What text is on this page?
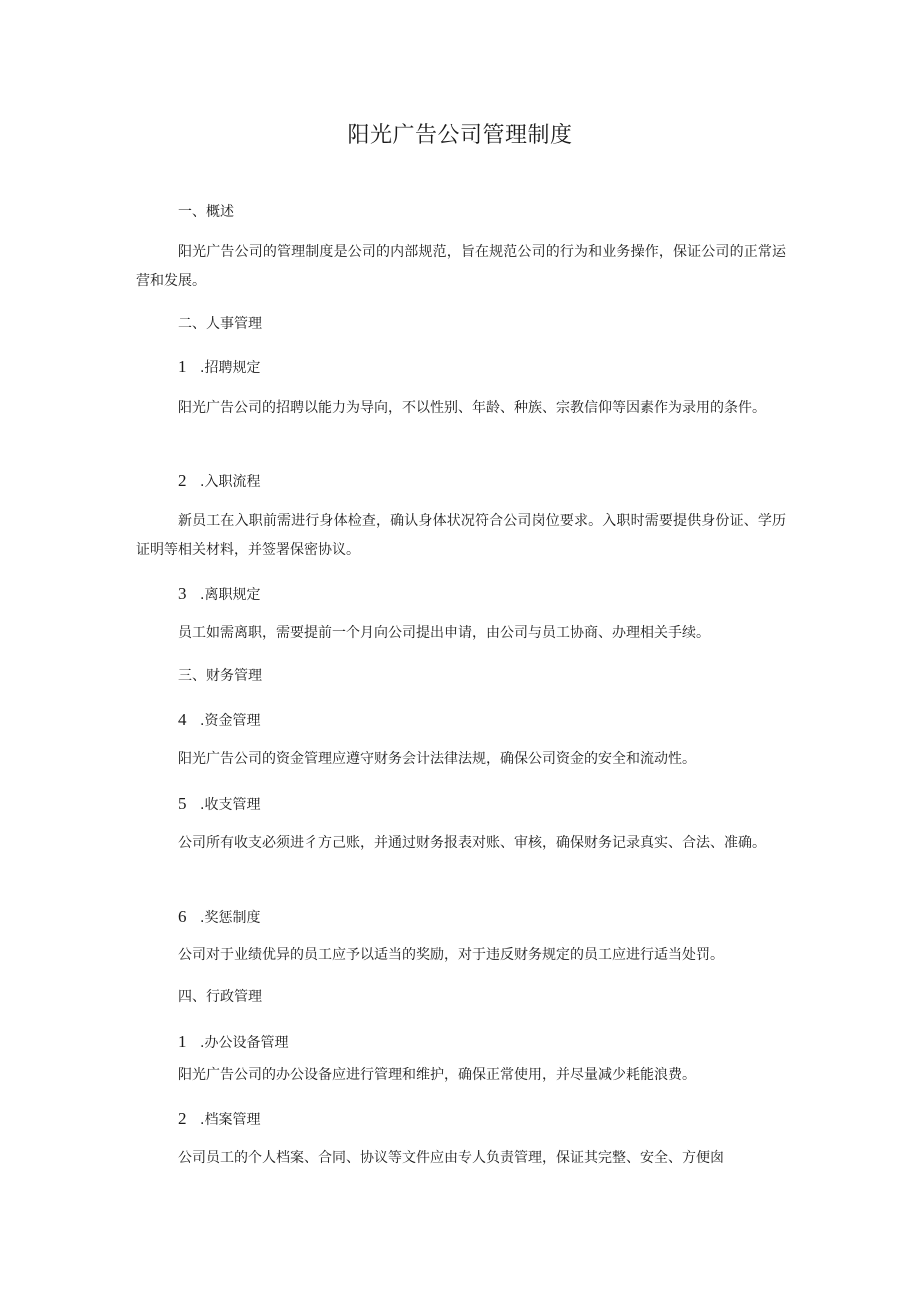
阳光广告公司管理制度

一、概述

阳光广告公司的管理制度是公司的内部规范，旨在规范公司的行为和业务操作，保证公司的正常运营和发展。

二、人事管理

1 .招聘规定

阳光广告公司的招聘以能力为导向，不以性别、年龄、种族、宗教信仰等因素作为录用的条件。

2 .入职流程

新员工在入职前需进行身体检查，确认身体状况符合公司岗位要求。入职时需要提供身份证、学历证明等相关材料，并签署保密协议。

3 .离职规定

员工如需离职，需要提前一个月向公司提出申请，由公司与员工协商、办理相关手续。

三、财务管理

4 .资金管理

阳光广告公司的资金管理应遵守财务会计法律法规，确保公司资金的安全和流动性。

5 .收支管理

公司所有收支必须进彳方己账，并通过财务报表对账、审核，确保财务记录真实、合法、准确。

6 .奖惩制度

公司对于业绩优异的员工应予以适当的奖励，对于违反财务规定的员工应进行适当处罚。

四、行政管理

1 .办公设备管理

阳光广告公司的办公设备应进行管理和维护，确保正常使用，并尽量减少耗能浪费。

2 .档案管理

公司员工的个人档案、合同、协议等文件应由专人负责管理，保证其完整、安全、方便囱
